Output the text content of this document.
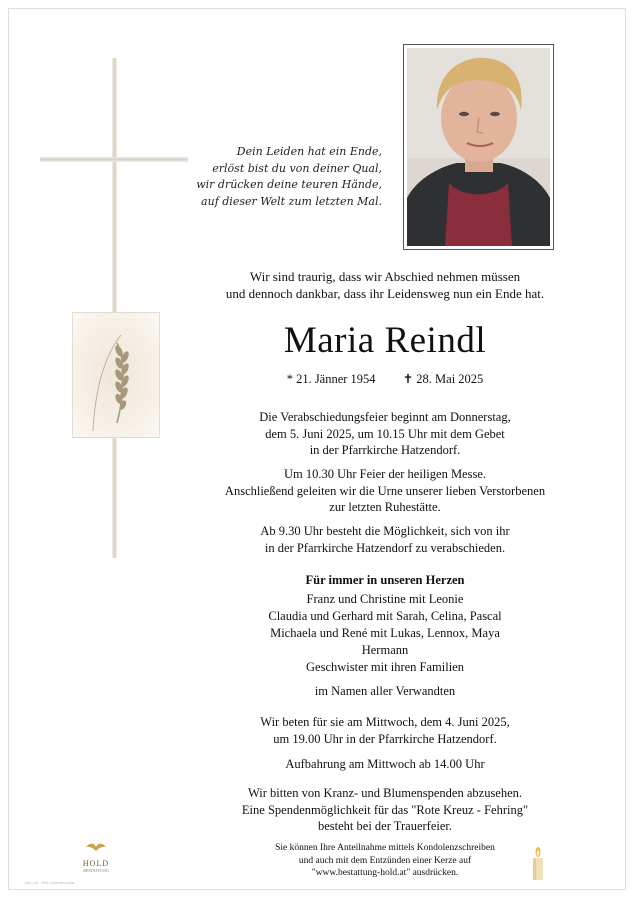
Dein Leiden hat ein Ende,
erlöst bist du von deiner Qual,
wir drücken deine teuren Hände,
auf dieser Welt zum letzten Mal.
Wir sind traurig, dass wir Abschied nehmen müssen
und dennoch dankbar, dass ihr Leidensweg nun ein Ende hat.
Maria Reindl
* 21. Jänner 1954 ✝ 28. Mai 2025
Die Verabschiedungsfeier beginnt am Donnerstag,
dem 5. Juni 2025, um 10.15 Uhr mit dem Gebet
in der Pfarrkirche Hatzendorf.
Um 10.30 Uhr Feier der heiligen Messe.
Anschließend geleiten wir die Urne unserer lieben Verstorbenen
zur letzten Ruhestätte.
Ab 9.30 Uhr besteht die Möglichkeit, sich von ihr
in der Pfarrkirche Hatzendorf zu verabschieden.
Für immer in unseren Herzen
Franz und Christine mit Leonie
Claudia und Gerhard mit Sarah, Celina, Pascal
Michaela und René mit Lukas, Lennox, Maya
Hermann
Geschwister mit ihren Familien
im Namen aller Verwandten
Wir beten für sie am Mittwoch, dem 4. Juni 2025,
um 19.00 Uhr in der Pfarrkirche Hatzendorf.
Aufbahrung am Mittwoch ab 14.00 Uhr
Wir bitten von Kranz- und Blumenspenden abzusehen.
Eine Spendenmöglichkeit für das "Rote Kreuz - Fehring"
besteht bei der Trauerfeier.
Sie können Ihre Anteilnahme mittels Kondolenzschreiben
und auch mit dem Entzünden einer Kerze auf
"www.bestattung-hold.at" ausdrücken.
HOLD
BESTATTUNG
Jahn 15 · Wie Lebedeuaufla
